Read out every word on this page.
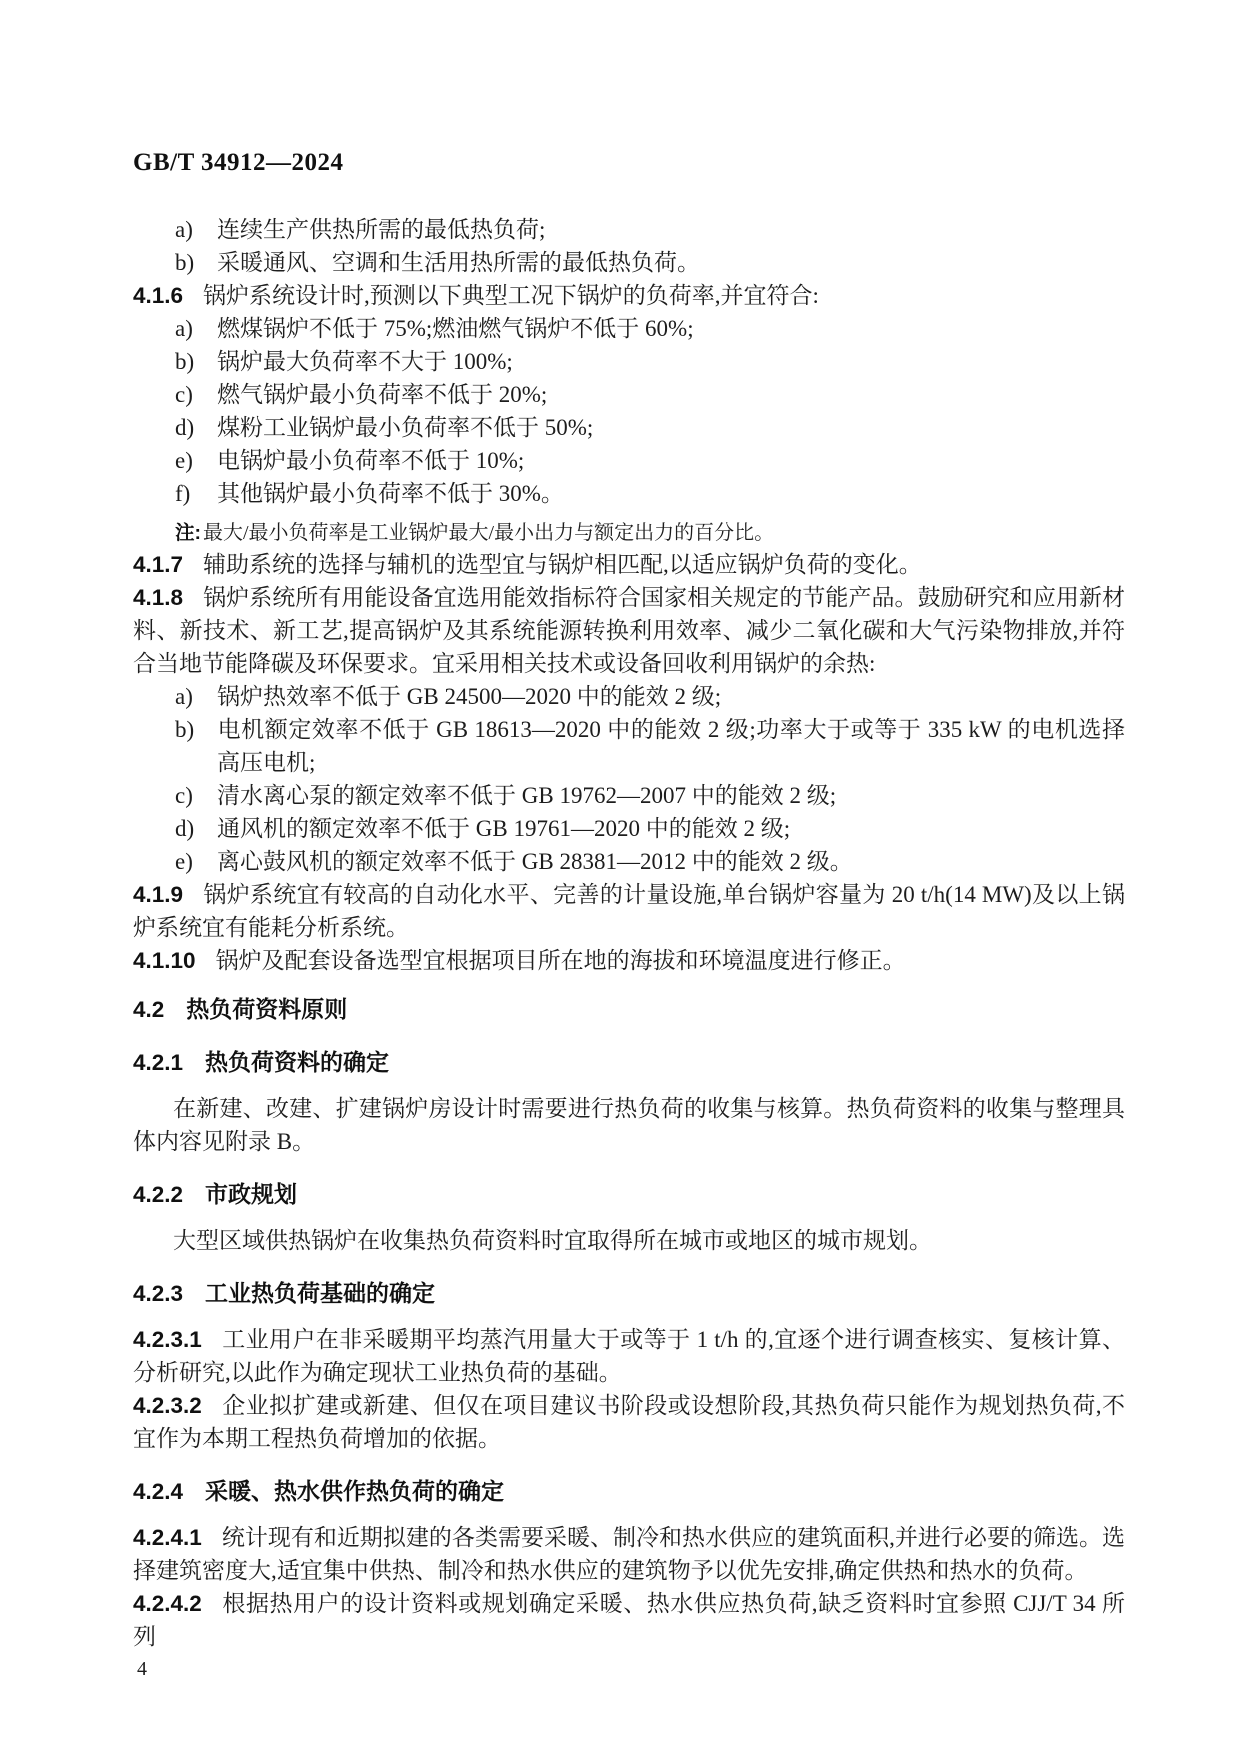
GB/T 34912—2024

a) 连续生产供热所需的最低热负荷;

b) 采暖通风、空调和生活用热所需的最低热负荷。

4.1.6 锅炉系统设计时,预测以下典型工况下锅炉的负荷率,并宜符合:

a) 燃煤锅炉不低于 75%;燃油燃气锅炉不低于 60%;

b) 锅炉最大负荷率不大于 100%;

c) 燃气锅炉最小负荷率不低于 20%;

d) 煤粉工业锅炉最小负荷率不低于 50%;

e) 电锅炉最小负荷率不低于 10%;

f) 其他锅炉最小负荷率不低于 30%。

注: 最大/最小负荷率是工业锅炉最大/最小出力与额定出力的百分比。

4.1.7 辅助系统的选择与辅机的选型宜与锅炉相匹配,以适应锅炉负荷的变化。

4.1.8 锅炉系统所有用能设备宜选用能效指标符合国家相关规定的节能产品。鼓励研究和应用新材料、新技术、新工艺,提高锅炉及其系统能源转换利用效率、减少二氧化碳和大气污染物排放,并符合当地节能降碳及环保要求。宜采用相关技术或设备回收利用锅炉的余热:

a) 锅炉热效率不低于 GB 24500—2020 中的能效 2 级;

b) 电机额定效率不低于 GB 18613—2020 中的能效 2 级;功率大于或等于 335 kW 的电机选择高压电机;

c) 清水离心泵的额定效率不低于 GB 19762—2007 中的能效 2 级;

d) 通风机的额定效率不低于 GB 19761—2020 中的能效 2 级;

e) 离心鼓风机的额定效率不低于 GB 28381—2012 中的能效 2 级。

4.1.9 锅炉系统宜有较高的自动化水平、完善的计量设施,单台锅炉容量为 20 t/h(14 MW)及以上锅炉系统宜有能耗分析系统。

4.1.10 锅炉及配套设备选型宜根据项目所在地的海拔和环境温度进行修正。

4.2 热负荷资料原则

4.2.1 热负荷资料的确定

在新建、改建、扩建锅炉房设计时需要进行热负荷的收集与核算。热负荷资料的收集与整理具体内容见附录 B。

4.2.2 市政规划

大型区域供热锅炉在收集热负荷资料时宜取得所在城市或地区的城市规划。

4.2.3 工业热负荷基础的确定

4.2.3.1 工业用户在非采暖期平均蒸汽用量大于或等于 1 t/h 的,宜逐个进行调查核实、复核计算、分析研究,以此作为确定现状工业热负荷的基础。

4.2.3.2 企业拟扩建或新建、但仅在项目建议书阶段或设想阶段,其热负荷只能作为规划热负荷,不宜作为本期工程热负荷增加的依据。

4.2.4 采暖、热水供作热负荷的确定

4.2.4.1 统计现有和近期拟建的各类需要采暖、制冷和热水供应的建筑面积,并进行必要的筛选。选择建筑密度大,适宜集中供热、制冷和热水供应的建筑物予以优先安排,确定供热和热水的负荷。

4.2.4.2 根据热用户的设计资料或规划确定采暖、热水供应热负荷,缺乏资料时宜参照 CJJ/T 34 所列

4
